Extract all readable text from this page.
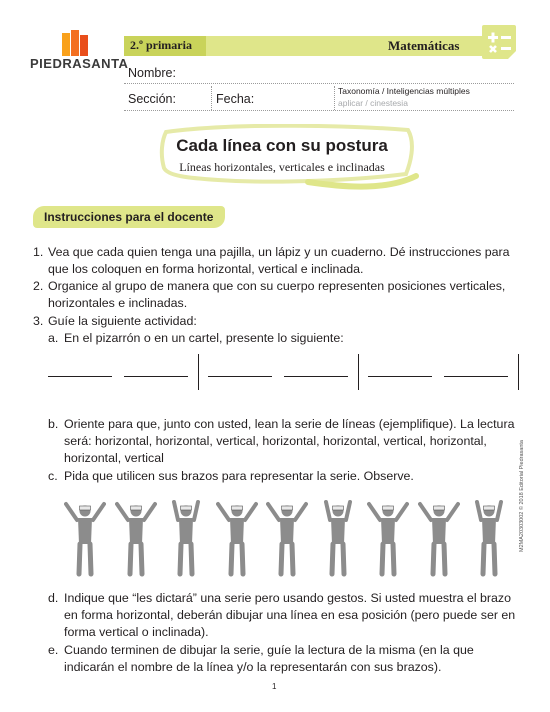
PIEDRASANTA
2.º primaria	Matemáticas
Nombre:
Sección:	Fecha:
Taxonomía / Inteligencias múltiples
aplicar / cinestesia
Cada línea con su postura
Líneas horizontales, verticales e inclinadas
Instrucciones para el docente
1. Vea que cada quien tenga una pajilla, un lápiz y un cuaderno. Dé instrucciones para
que los coloquen en forma horizontal, vertical e inclinada.
2. Organice al grupo de manera que con su cuerpo representen posiciones verticales,
horizontales e inclinadas.
3. Guíe la siguiente actividad:
a. En el pizarrón o en un cartel, presente lo siguiente:
b. Oriente para que, junto con usted, lean la serie de líneas (ejemplifique). La lectura
será: horizontal, horizontal, vertical, horizontal, horizontal, vertical, horizontal,
horizontal, vertical
c. Pida que utilicen sus brazos para representar la serie. Observe.
d. Indique que “les dictará” una serie pero usando gestos. Si usted muestra el brazo
en forma horizontal, deberán dibujar una línea en esa posición (pero puede ser en
forma vertical o inclinada).
e. Cuando terminen de dibujar la serie, guíe la lectura de la misma (en la que
indicarán el nombre de la línea y/o la representarán con sus brazos).
M2MA20303002 © 2018 Editorial Piedrasanta
1
